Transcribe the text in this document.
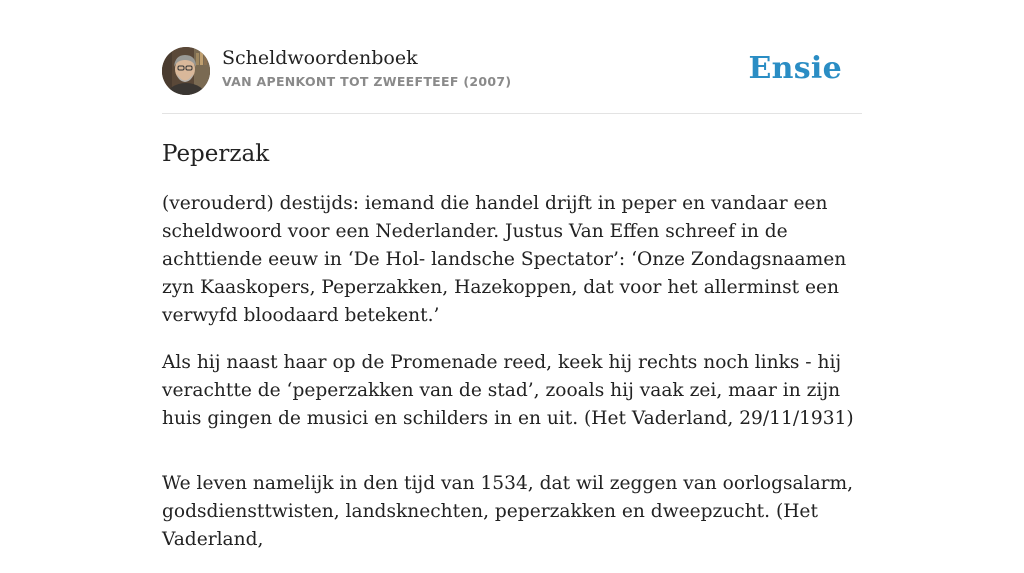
Scheldwoordenboek
VAN APENKONT TOT ZWEEFTEEF (2007)	Ensie
Peperzak

(verouderd) destijds: iemand die handel drijft in peper en vandaar een scheldwoord voor een Nederlander. Justus Van Effen schreef in de achttiende eeuw in ‘De Hol- landsche Spectator’: ‘Onze Zondagsnaamen zyn Kaaskopers, Peperzakken, Hazekoppen, dat voor het allerminst een verwyfd bloodaard betekent.’

Als hij naast haar op de Promenade reed, keek hij rechts noch links - hij verachtte de ‘peperzakken van de stad’, zooals hij vaak zei, maar in zijn huis gingen de musici en schilders in en uit. (Het Vaderland, 29/11/1931)

We leven namelijk in den tijd van 1534, dat wil zeggen van oorlogsalarm, godsdiensttwisten, landsknechten, peperzakken en dweepzucht. (Het Vaderland,
